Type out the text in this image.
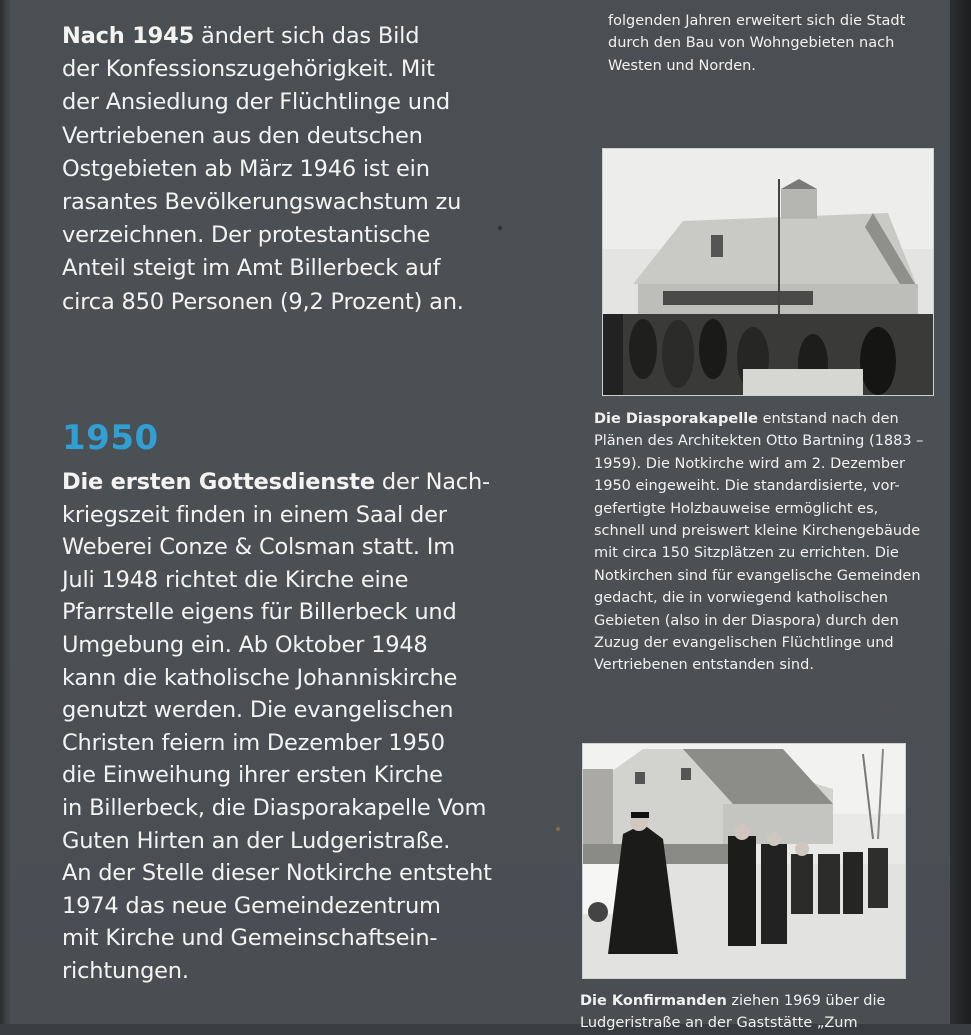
Nach 1945 ändert sich das Bild
der Konfessionszugehörigkeit. Mit
der Ansiedlung der Flüchtlinge und
Vertriebenen aus den deutschen
Ostgebieten ab März 1946 ist ein
rasantes Bevölkerungswachstum zu
verzeichnen. Der protestantische
Anteil steigt im Amt Billerbeck auf
circa 850 Personen (9,2 Prozent) an.
1950
Die ersten Gottesdienste der Nach-
kriegszeit finden in einem Saal der
Weberei Conze & Colsman statt. Im
Juli 1948 richtet die Kirche eine
Pfarrstelle eigens für Billerbeck und
Umgebung ein. Ab Oktober 1948
kann die katholische Johanniskirche
genutzt werden. Die evangelischen
Christen feiern im Dezember 1950
die Einweihung ihrer ersten Kirche
in Billerbeck, die Diasporakapelle Vom
Guten Hirten an der Ludgeristraße.
An der Stelle dieser Notkirche entsteht
1974 das neue Gemeindezentrum
mit Kirche und Gemeinschaftsein-
richtungen.
folgenden Jahren erweitert sich die Stadt
durch den Bau von Wohngebieten nach
Westen und Norden.
Die Diasporakapelle entstand nach den
Plänen des Architekten Otto Bartning (1883 –
1959). Die Notkirche wird am 2. Dezember
1950 eingeweiht. Die standardisierte, vor-
gefertigte Holzbauweise ermöglicht es,
schnell und preiswert kleine Kirchengebäude
mit circa 150 Sitzplätzen zu errichten. Die
Notkirchen sind für evangelische Gemeinden
gedacht, die in vorwiegend katholischen
Gebieten (also in der Diaspora) durch den
Zuzug der evangelischen Flüchtlinge und
Vertriebenen entstanden sind.
Die Konfirmanden ziehen 1969 über die
Ludgeristraße an der Gaststätte „Zum
